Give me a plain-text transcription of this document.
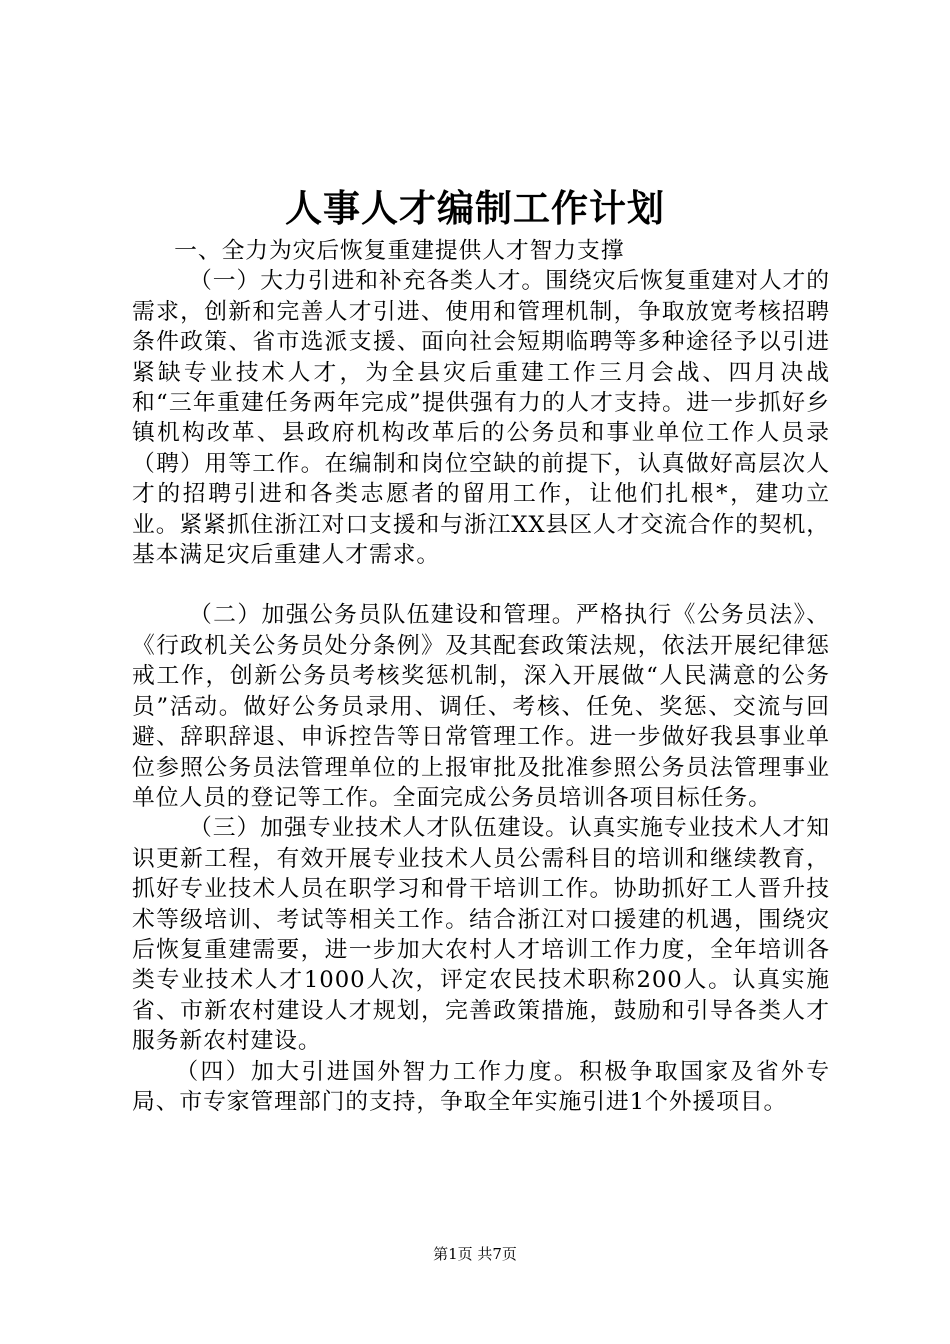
人事人才编制工作计划

一、全力为灾后恢复重建提供人才智力支撑

（一）大力引进和补充各类人才。围绕灾后恢复重建对人才的需求，创新和完善人才引进、使用和管理机制，争取放宽考核招聘条件政策、省市选派支援、面向社会短期临聘等多种途径予以引进紧缺专业技术人才，为全县灾后重建工作三月会战、四月决战和“三年重建任务两年完成”提供强有力的人才支持。进一步抓好乡镇机构改革、县政府机构改革后的公务员和事业单位工作人员录（聘）用等工作。在编制和岗位空缺的前提下，认真做好高层次人才的招聘引进和各类志愿者的留用工作，让他们扎根*，建功立业。紧紧抓住浙江对口支援和与浙江XX县区人才交流合作的契机，基本满足灾后重建人才需求。

（二）加强公务员队伍建设和管理。严格执行《公务员法》、《行政机关公务员处分条例》及其配套政策法规，依法开展纪律惩戒工作，创新公务员考核奖惩机制，深入开展做“人民满意的公务员”活动。做好公务员录用、调任、考核、任免、奖惩、交流与回避、辞职辞退、申诉控告等日常管理工作。进一步做好我县事业单位参照公务员法管理单位的上报审批及批准参照公务员法管理事业单位人员的登记等工作。全面完成公务员培训各项目标任务。

（三）加强专业技术人才队伍建设。认真实施专业技术人才知识更新工程，有效开展专业技术人员公需科目的培训和继续教育，抓好专业技术人员在职学习和骨干培训工作。协助抓好工人晋升技术等级培训、考试等相关工作。结合浙江对口援建的机遇，围绕灾后恢复重建需要，进一步加大农村人才培训工作力度，全年培训各类专业技术人才1000人次，评定农民技术职称200人。认真实施省、市新农村建设人才规划，完善政策措施，鼓励和引导各类人才服务新农村建设。

（四）加大引进国外智力工作力度。积极争取国家及省外专局、市专家管理部门的支持，争取全年实施引进1个外援项目。

第1页 共7页
